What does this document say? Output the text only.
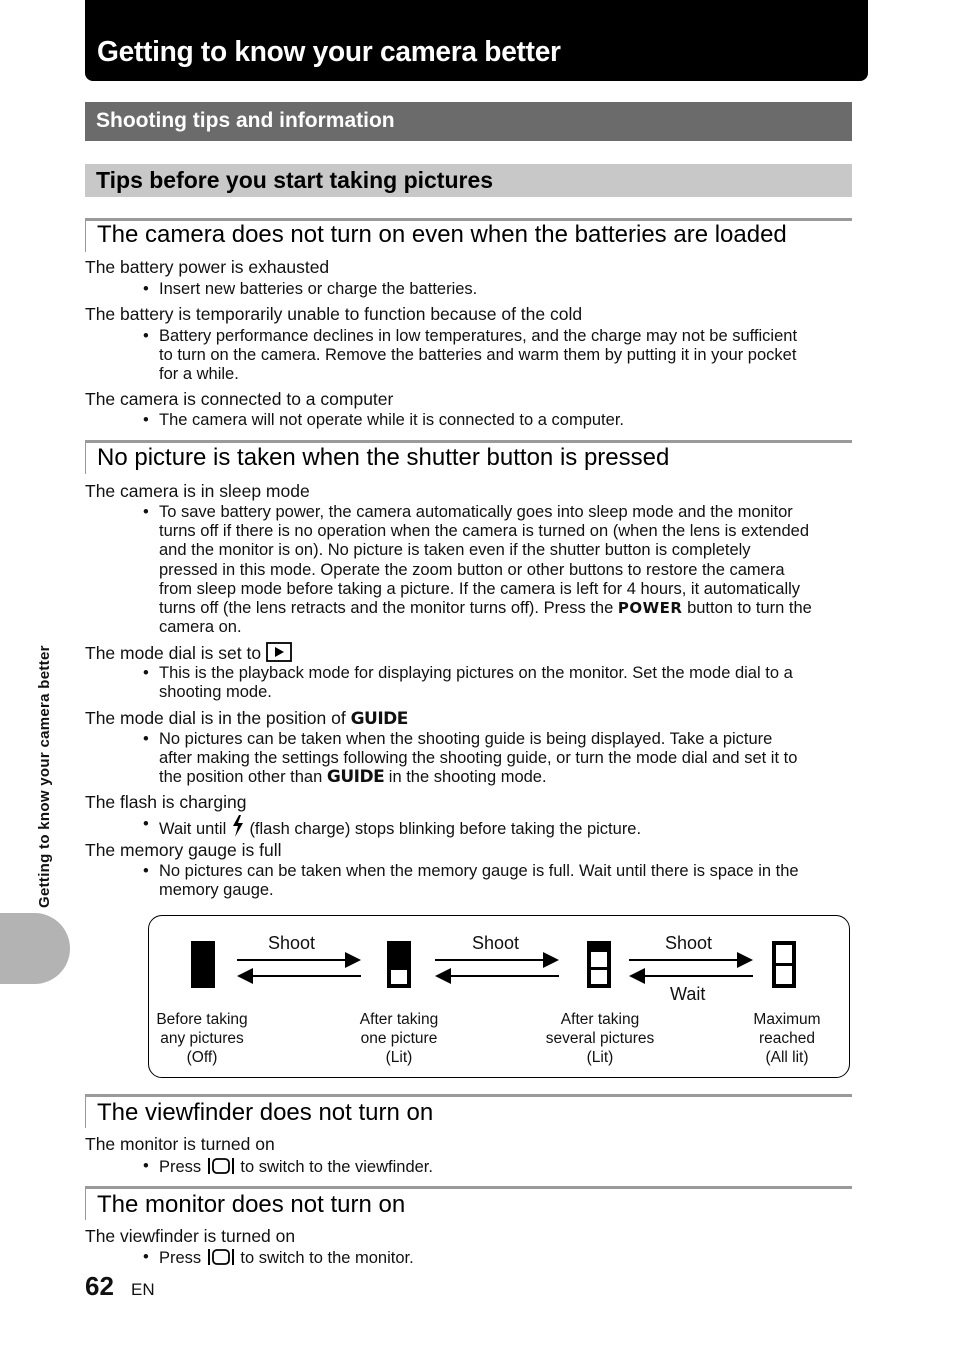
Getting to know your camera better
Shooting tips and information
Tips before you start taking pictures
The camera does not turn on even when the batteries are loaded
The battery power is exhausted
• Insert new batteries or charge the batteries.
The battery is temporarily unable to function because of the cold
• Battery performance declines in low temperatures, and the charge may not be sufficient
to turn on the camera. Remove the batteries and warm them by putting it in your pocket
for a while.
The camera is connected to a computer
• The camera will not operate while it is connected to a computer.
No picture is taken when the shutter button is pressed
The camera is in sleep mode
• To save battery power, the camera automatically goes into sleep mode and the monitor
turns off if there is no operation when the camera is turned on (when the lens is extended
and the monitor is on). No picture is taken even if the shutter button is completely
pressed in this mode. Operate the zoom button or other buttons to restore the camera
from sleep mode before taking a picture. If the camera is left for 4 hours, it automatically
turns off (the lens retracts and the monitor turns off). Press the POWER button to turn the
camera on.
The mode dial is set to
• This is the playback mode for displaying pictures on the monitor. Set the mode dial to a
shooting mode.
The mode dial is in the position of GUIDE
• No pictures can be taken when the shooting guide is being displayed. Take a picture
after making the settings following the shooting guide, or turn the mode dial and set it to
the position other than GUIDE in the shooting mode.
The flash is charging
• Wait until (flash charge) stops blinking before taking the picture.
The memory gauge is full
• No pictures can be taken when the memory gauge is full. Wait until there is space in the
memory gauge.
Shoot	Shoot	Shoot
Wait
Before taking
any pictures
(Off)
After taking
one picture
(Lit)
After taking
several pictures
(Lit)
Maximum
reached
(All lit)
The viewfinder does not turn on
The monitor is turned on
• Press to switch to the viewfinder.
The monitor does not turn on
The viewfinder is turned on
• Press to switch to the monitor.
Getting to know your camera better
62 EN
